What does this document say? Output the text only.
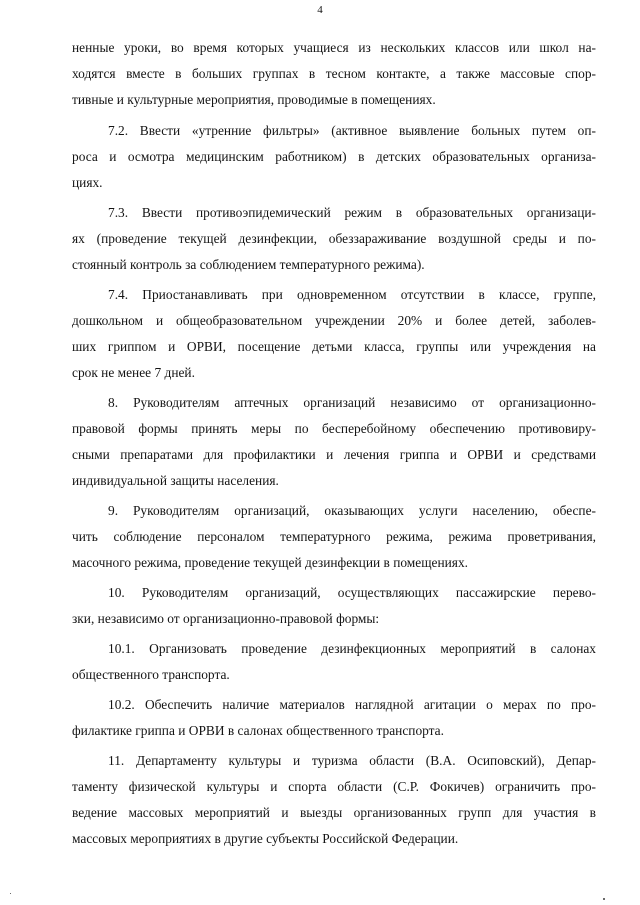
4
ненные уроки, во время которых учащиеся из нескольких классов или школ на-
ходятся вместе в больших группах в тесном контакте, а также массовые спор-
тивные и культурные мероприятия, проводимые в помещениях.
7.2. Ввести «утренние фильтры» (активное выявление больных путем оп-
роса и осмотра медицинским работником) в детских образовательных организа-
циях.
7.3. Ввести противоэпидемический режим в образовательных организаци-
ях (проведение текущей дезинфекции, обеззараживание воздушной среды и по-
стоянный контроль за соблюдением температурного режима).
7.4. Приостанавливать при одновременном отсутствии в классе, группе,
дошкольном и общеобразовательном учреждении 20% и более детей, заболев-
ших гриппом и ОРВИ, посещение детьми класса, группы или учреждения на
срок не менее 7 дней.
8. Руководителям аптечных организаций независимо от организационно-
правовой формы принять меры по бесперебойному обеспечению противовиру-
сными препаратами для профилактики и лечения гриппа и ОРВИ и средствами
индивидуальной защиты населения.
9. Руководителям организаций, оказывающих услуги населению, обеспе-
чить соблюдение персоналом температурного режима, режима проветривания,
масочного режима, проведение текущей дезинфекции в помещениях.
10. Руководителям организаций, осуществляющих пассажирские перево-
зки, независимо от организационно-правовой формы:
10.1. Организовать проведение дезинфекционных мероприятий в салонах
общественного транспорта.
10.2. Обеспечить наличие материалов наглядной агитации о мерах по про-
филактике гриппа и ОРВИ в салонах общественного транспорта.
11. Департаменту культуры и туризма области (В.А. Осиповский), Депар-
таменту физической культуры и спорта области (С.Р. Фокичев) ограничить про-
ведение массовых мероприятий и выезды организованных групп для участия в
массовых мероприятиях в другие субъекты Российской Федерации.
